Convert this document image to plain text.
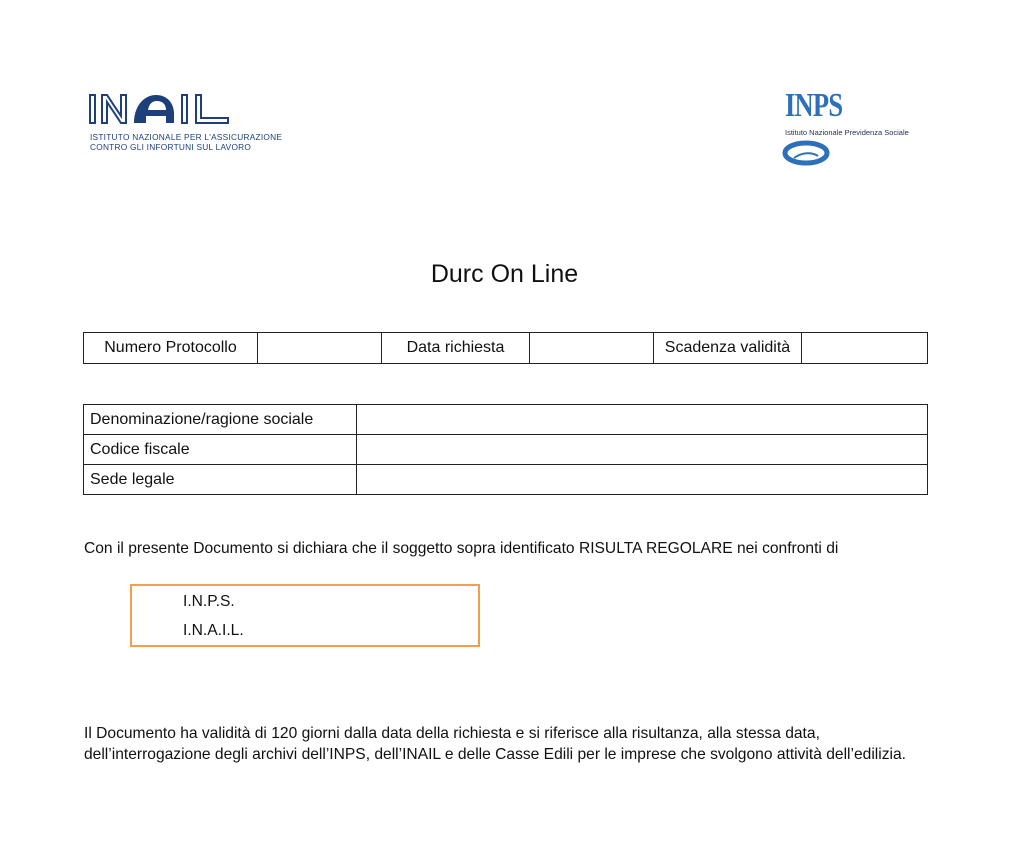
ISTITUTO NAZIONALE PER L'ASSICURAZIONE
CONTRO GLI INFORTUNI SUL LAVORO
INPS
Istituto Nazionale Previdenza Sociale
Durc On Line
Numero Protocollo		Data richiesta		Scadenza validità	
Denominazione/ragione sociale	
Codice fiscale	
Sede legale	
Con il presente Documento si dichiara che il soggetto sopra identificato RISULTA REGOLARE nei confronti di
I.N.P.S.
I.N.A.I.L.
Il Documento ha validità di 120 giorni dalla data della richiesta e si riferisce alla risultanza, alla stessa data, dell’interrogazione degli archivi dell’INPS, dell’INAIL e delle Casse Edili per le imprese che svolgono attività dell’edilizia.
